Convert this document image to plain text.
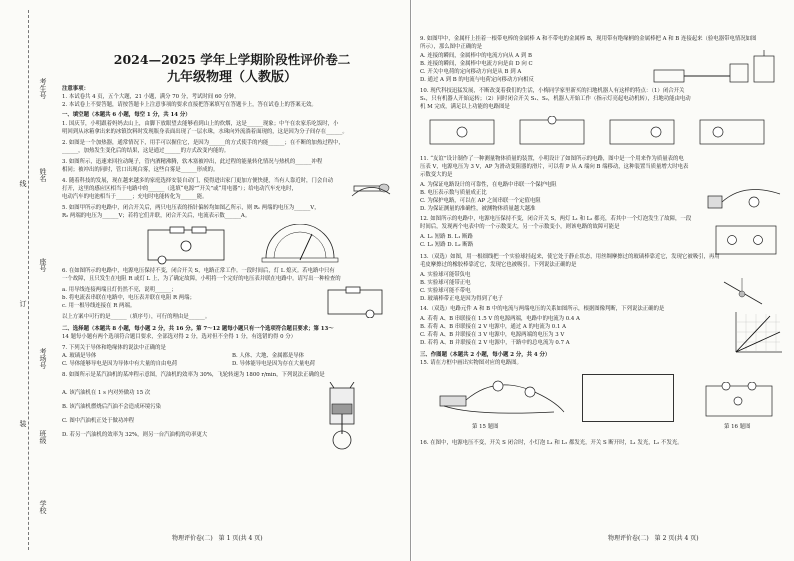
考生号
姓名
座号
考场号
班级
学校
线
订
装
2024—2025 学年上学期阶段性评价卷二
九年级物理（人教版）
注意事项：
1. 本试卷共 4 页，五个大题，21 小题，满分 70 分，考试时间 60 分钟。
2. 本试卷上不要答题，请按答题卡上注意事项的要求直接把答案填写在答题卡上，答在试卷上的答案无效。
一、填空题（本题共 6 小题，每空 1 分，共 14 分）
1. 国庆节，小明跟着妈妈去山上，由脚下放眼望去能够看到山上的炊烟，这是______现象；中午在农家乐吃饭时，小
明回到从冰箱拿出来的冰镇饮料时发现瓶身表面出现了一层水珠，水珠向外流淌着面现的，这是因为分子间存在______。
2. 如图是一个加热器，通常情况下，用手可以握住它，是因为______的方式使手的内能______；在不断的加热过程中，
______，加热发生变化后的结果，这是通过______的方式改变内能的。
3. 如图所示，迅速来回拉动绳子，管内酒精沸腾，软木塞被冲出，此过程的能量转化情况与热机的______冲程
相同；被冲出的同时，管口出现白雾，这些白雾是______形成的。
4. 随着科技的发展，现在越来越多的家庭选择安装自动门，使得进出家门更加方便快捷，当有人靠近时，门会自动
打开，这里的感应区相当于电路中的______（选填“电源”“开关”或“用电器”）；给电动汽车充电时，
电动汽车的电池相当于______；充电时电能转化为______能。
5. 如图甲所示的电路中，闭合开关后，两只电压表的指针偏转均如图乙所示，则 R₁ 两端的电压为______V，
R₂ 两端的电压为______V；若将它们并联，闭合开关后，电流表示数______A。
6. 在如图所示的电路中，电源电压保持不变，闭合开关 S，电路正常工作。一段时间后，灯 L 熄灭。若电路中只有
一个故障，且只发生在电阻 R 或灯 L 上，为了确定故障，小明将一个完好的电压表并联在电路中。请写出一种检查的
a. 用导线连接两端且灯仍然不亮，说明______；
b. 将电流表串联在电路中，电压表并联在电阻 R 两端；
c. 用一根导线连接在 R 两端。
以上方案中可行的是______（填序号），可行的理由是______。
二、选择题（本题共 8 小题，每小题 2 分，共 16 分。第 7～12 题每小题只有一个选项符合题目要求；第 13～
14 题每小题有两个选项符合题目要求，全部选对得 2 分，选对但不全得 1 分，有选错的得 0 分）
7. 下列关于导体和绝缘体的说法中正确的是
A. 玻璃是导体	B. 人体、大地、金属都是导体
C. 导体能够导电是因为导体中有大量的自由电荷	D. 导体能导电是因为存在大量电荷
8. 如图所示是某汽油机的某冲程示意图，汽油机的效率为 30%，飞轮转速为 1800 r/min，下列说法正确的是
A. 该汽油机在 1 s 内对外做功 15 次
B. 该汽油机燃烧后汽油不会造成环境污染
C. 图中汽油机正处于做功冲程
D. 若另一汽油机的效率为 32%，则另一台汽油机的功率更大
物理评价卷(二)　第 1 页(共 4 页)
9. 如图甲中，金属杆上挂着一根带电棒的金属棒 A 和不带电的金属棒 B，现用带有绝缘柄的金属棒把 A 和 B 连接起来（验电器带电情况如图
所示），那么图中正确的是
A. 连接的瞬间，金属棒中的电流方向从 A 到 B
B. 连接的瞬间，金属棒中电流方向是由 D 向 C
C. 开关中电荷的定向移动方向是从 B 到 A
D. 通过 A 到 B 的电流与电荷定向移动方向相反
10. 现代科技迅猛发展，不断改变着我们的生活，小梅同学家里新买的扫地机器人有这样的特点：（1）闭合开关
S₁，只有机器人开始运转；（2）同时闭合开关 S₁、S₂，机器人开始工作（指示灯亮起电动机转），扫地功能由电动
机 M 完成，满足以上功能的电路图是
11. “友谊”设计制作了一种测量物体质量的装置，小明设计了如图所示的电路，图中是一个用来作为质量表的电
压表 V，电源电压为 3 V，AP 为滑动变阻器的滑片，可以将 P 从 A 端向 B 端移动，这种装置当质量增大时电表
示数变大的是
A. 为保证电路设计的可靠性，在电路中串联一个保护电阻
B. 电压表示数与质量成正比
C. 为保护电路，可以在 AP 之间串联一个定值电阻
D. 为保证测量的准确性，被测物体质量越大越准
12. 如图所示的电路中，电源电压保持不变，闭合开关 S，两灯 L₁ 和 L₂ 都亮，若其中一个灯泡发生了故障，一段
时间后，发现两个电表中的一个示数变大，另一个示数变小，则该电路的故障可能是
A. L₁ 短路 B. L₁ 断路
C. L₂ 短路 D. L₂ 断路
13.（双选）如图，用一根细线把一个实验球挂起来，使它处于静止状态，用丝绸摩擦过的玻璃棒靠近它，发现它被吸引，再用
毛皮摩擦过的橡胶棒靠近它，发现它也被吸引。下列说法正确的是
A. 实验球可能带负电
B. 实验球可能带正电
C. 实验球可能不带电
D. 玻璃棒带正电是因为得到了电子
14.（双选）电路元件 A 和 B 中的电流与两端电压的关系如图所示，根据图像判断，下列说法正确的是
A. 若将 A、B 串联接在 1.5 V 的电源两端，电路中的电流为 0.4 A
B. 若将 A、B 串联接在 2 V 电源中，通过 A 的电流为 0.1 A
C. 若将 A、B 并联接在 3 V 电源中，电源两端的电压为 3 V
D. 若将 A、B 并联接在 2 V 电源中，干路中的总电流为 0.7 A
三、作图题（本题共 2 小题，每小题 2 分，共 4 分）
15. 请在方框中画出实物图对应的电路图。
第 15 题图	第 16 题图
16. 在图中，电源电压不变，开关 S 闭合时，小灯泡 L₁ 和 L₂ 都发光，开关 S 断开时，L₁ 发光，L₂ 不发光。
物理评价卷(二)　第 2 页(共 4 页)
